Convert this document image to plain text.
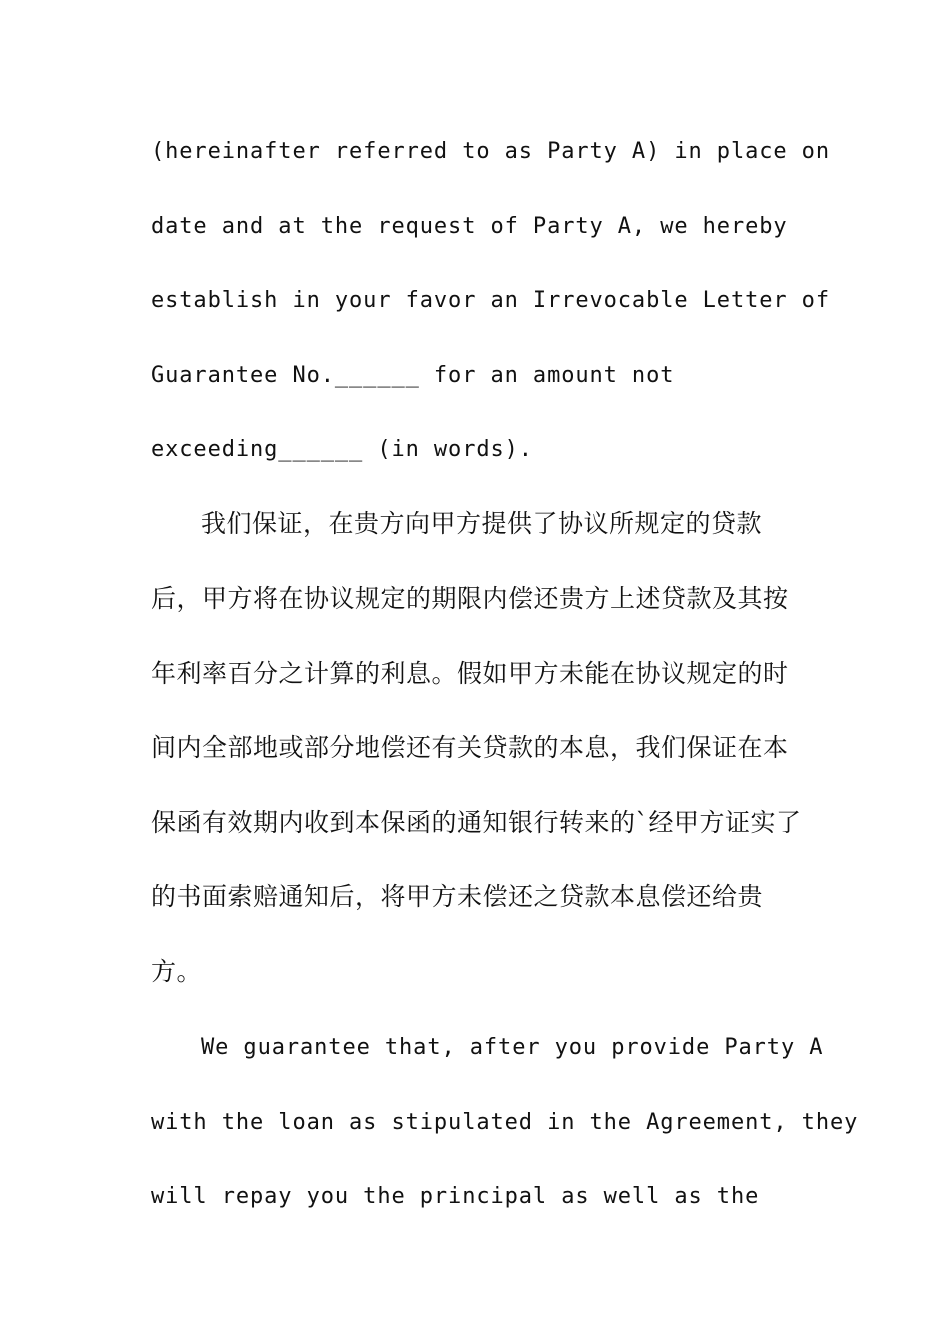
(hereinafter referred to as Party A) in place on

date and at the request of Party A, we hereby

establish in your favor an Irrevocable Letter of

Guarantee No.______ for an amount not

exceeding______ (in words).

我们保证，在贵方向甲方提供了协议所规定的贷款

后，甲方将在协议规定的期限内偿还贵方上述贷款及其按

年利率百分之计算的利息。假如甲方未能在协议规定的时

间内全部地或部分地偿还有关贷款的本息，我们保证在本

保函有效期内收到本保函的通知银行转来的`经甲方证实了

的书面索赔通知后，将甲方未偿还之贷款本息偿还给贵

方。

We guarantee that, after you provide Party A

with the loan as stipulated in the Agreement, they

will repay you the principal as well as the
